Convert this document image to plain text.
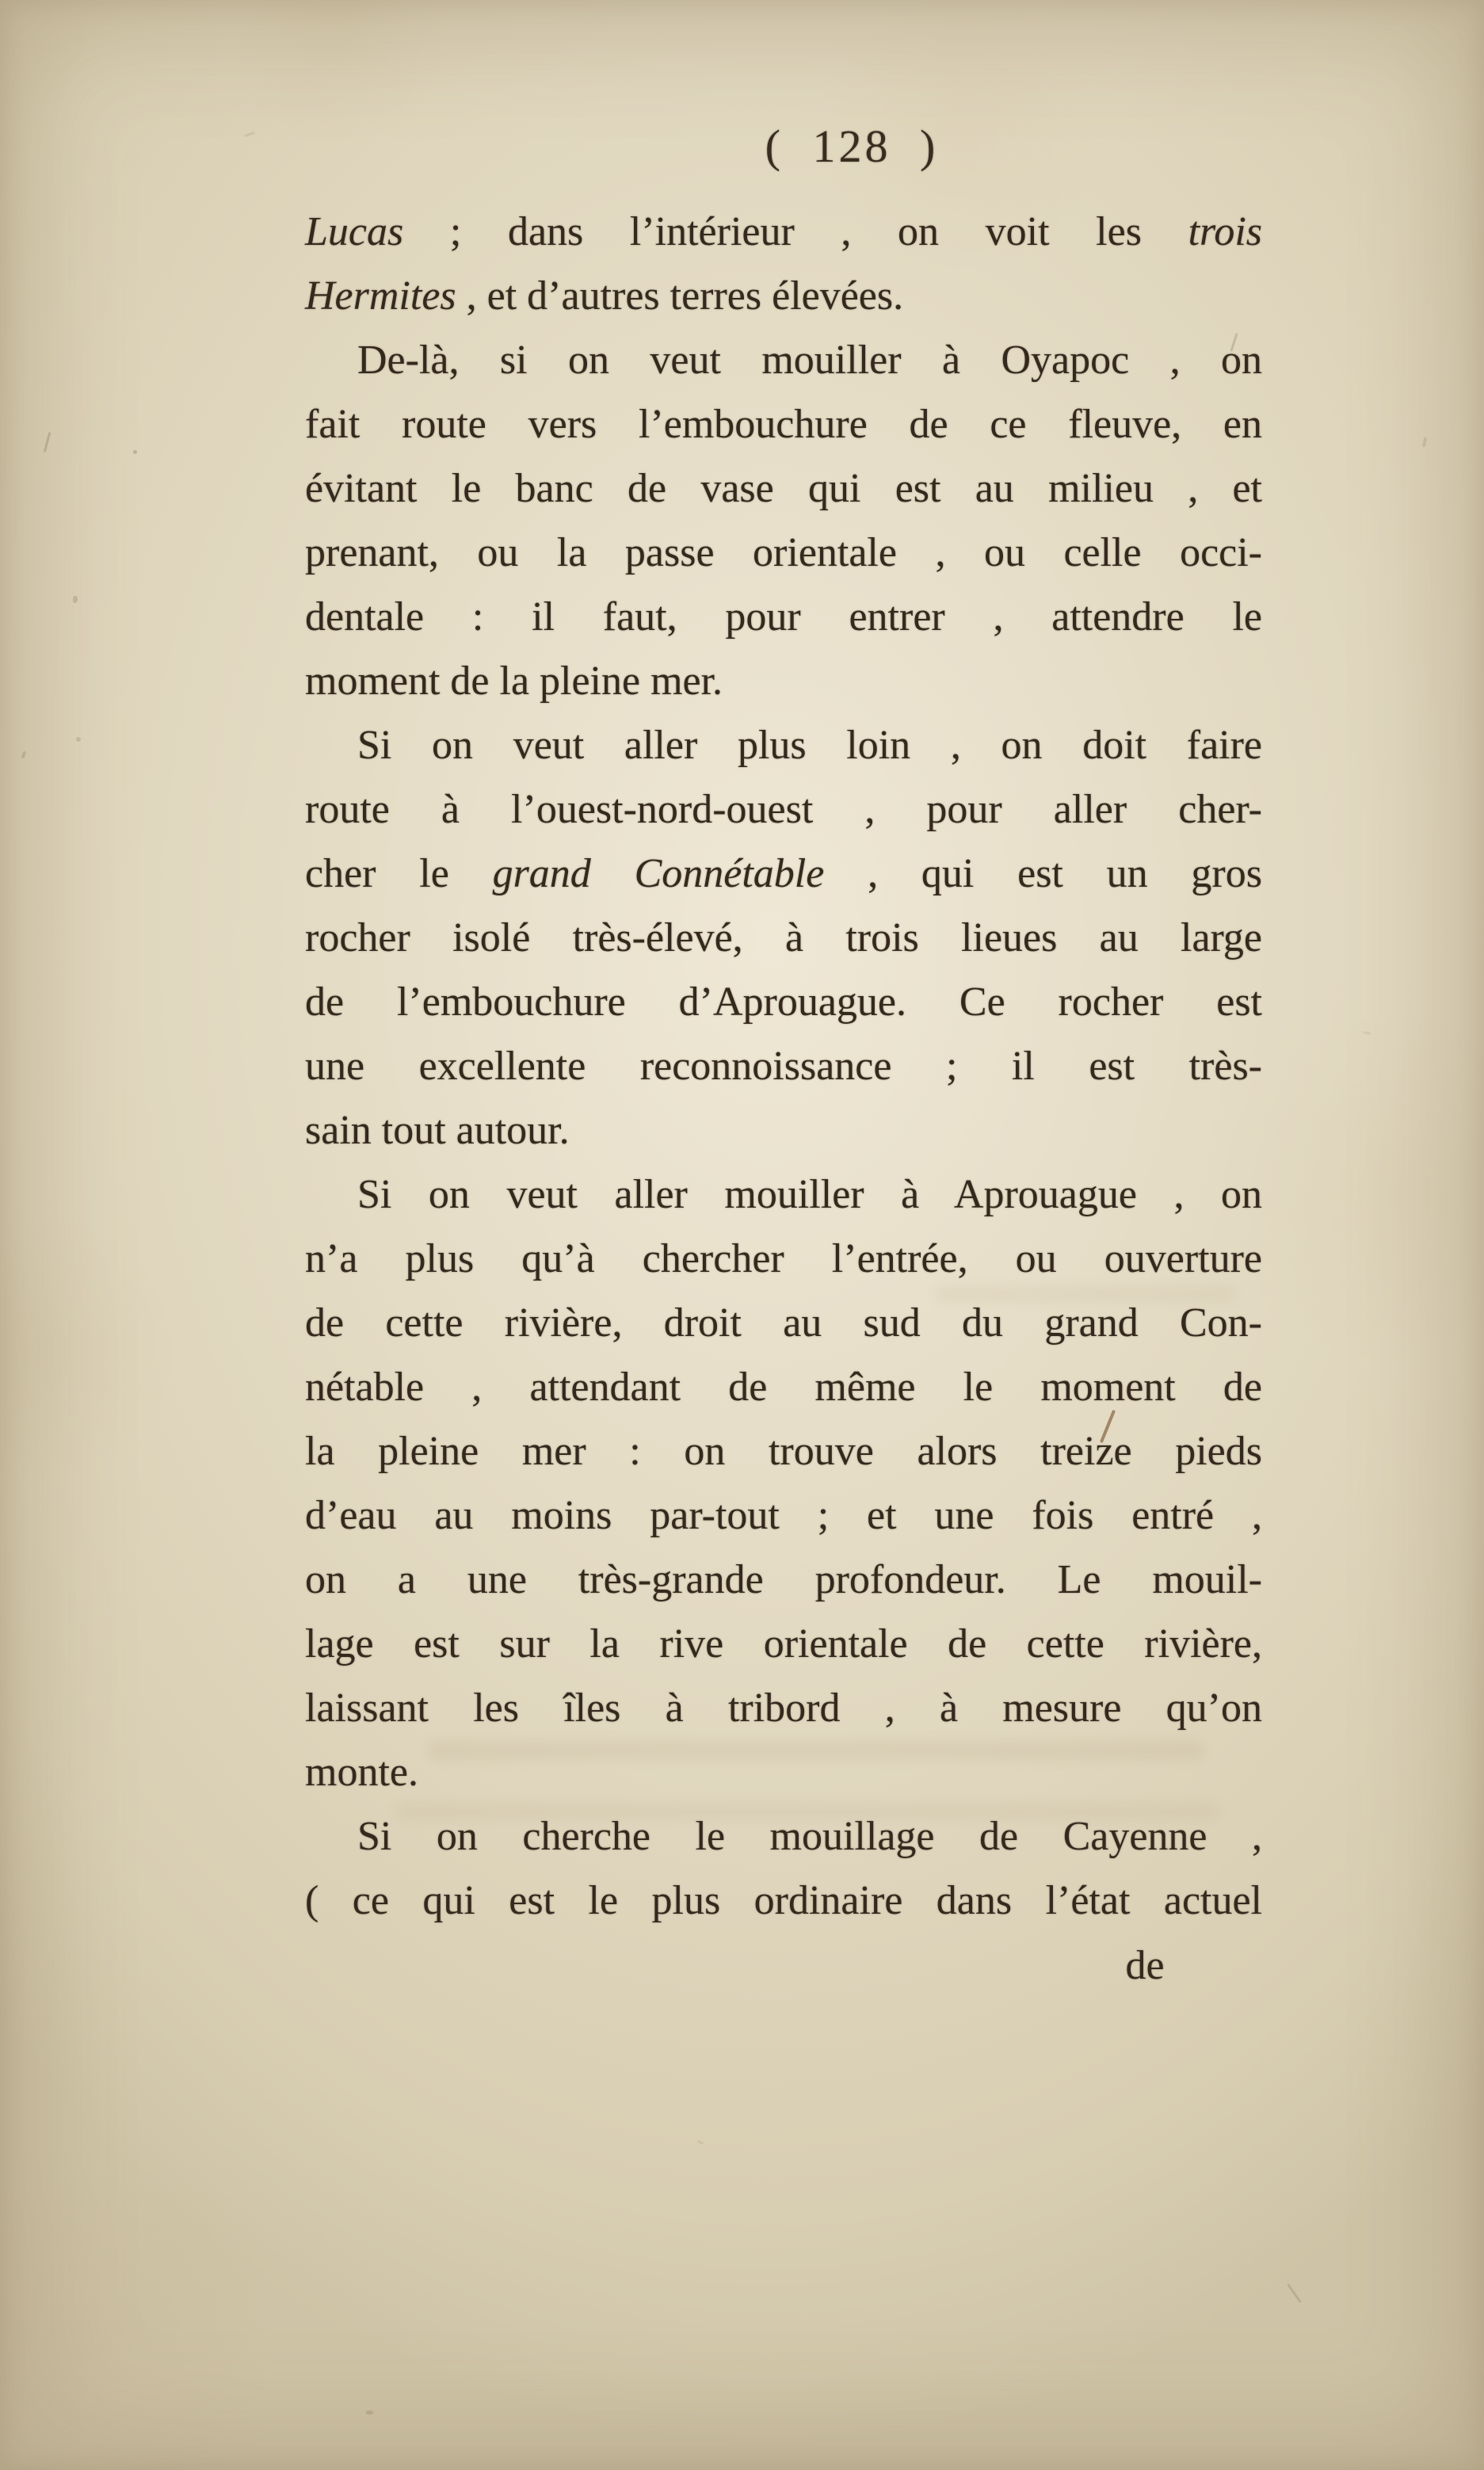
( 128 )
Lucas ; dans l’intérieur , on voit les trois
Hermites , et d’autres terres élevées.
De-là, si on veut mouiller à Oyapoc , on
fait route vers l’embouchure de ce fleuve, en
évitant le banc de vase qui est au milieu , et
prenant, ou la passe orientale , ou celle occi-
dentale : il faut, pour entrer , attendre le
moment de la pleine mer.
Si on veut aller plus loin , on doit faire
route à l’ouest-nord-ouest , pour aller cher-
cher le grand Connétable , qui est un gros
rocher isolé très-élevé, à trois lieues au large
de l’embouchure d’Aprouague. Ce rocher est
une excellente reconnoissance ; il est très-
sain tout autour.
Si on veut aller mouiller à Aprouague , on
n’a plus qu’à chercher l’entrée, ou ouverture
de cette rivière, droit au sud du grand Con-
nétable , attendant de même le moment de
la pleine mer : on trouve alors treize pieds
d’eau au moins par-tout ; et une fois entré ,
on a une très-grande profondeur. Le mouil-
lage est sur la rive orientale de cette rivière,
laissant les îles à tribord , à mesure qu’on
monte.
Si on cherche le mouillage de Cayenne ,
( ce qui est le plus ordinaire dans l’état actuel
de
